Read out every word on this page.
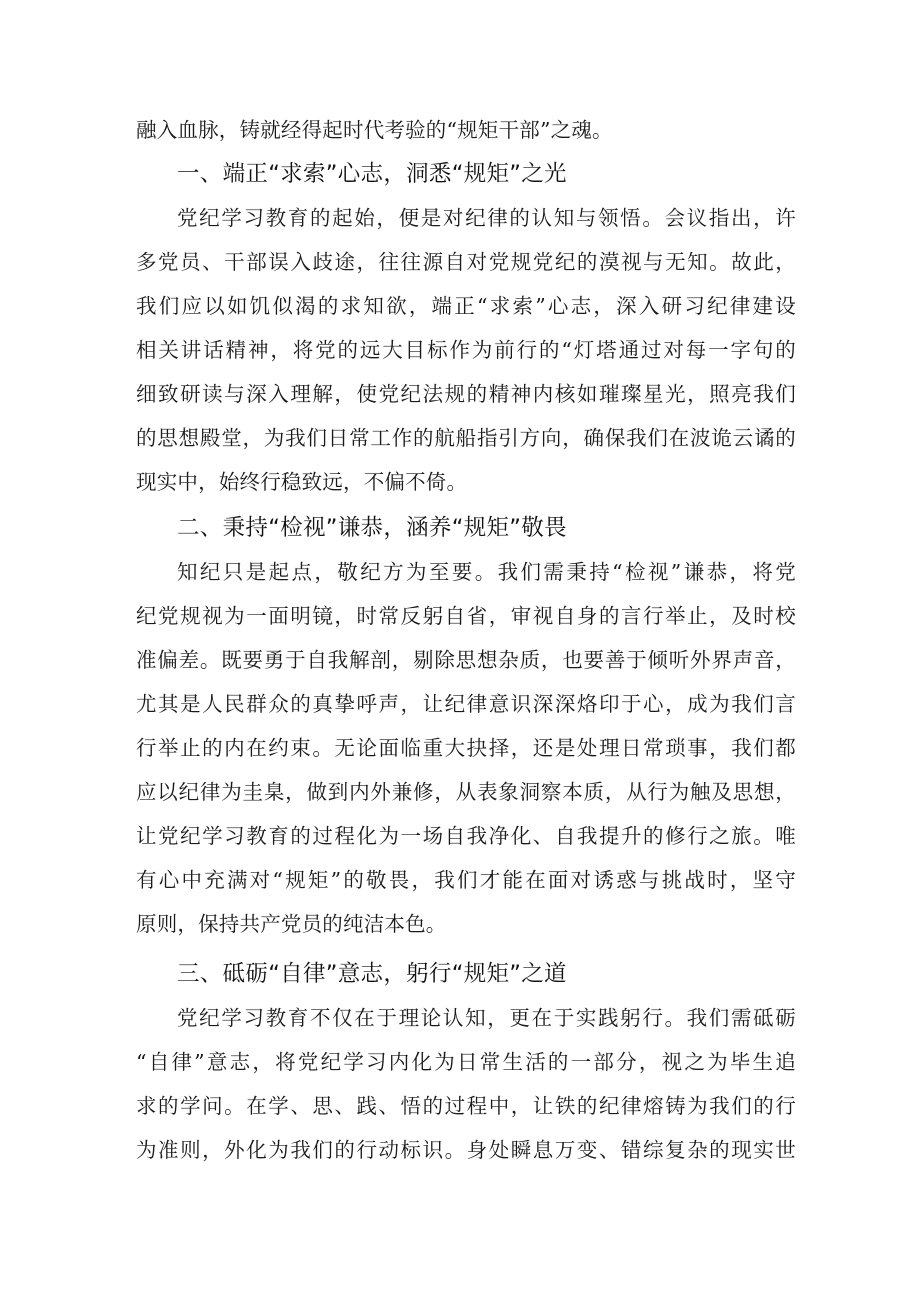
融入血脉，铸就经得起时代考验的“规矩干部”之魂。
一、端正“求索”心志，洞悉“规矩”之光
党纪学习教育的起始，便是对纪律的认知与领悟。会议指出，许
多党员、干部误入歧途，往往源自对党规党纪的漠视与无知。故此，
我们应以如饥似渴的求知欲，端正“求索”心志，深入研习纪律建设
相关讲话精神，将党的远大目标作为前行的“灯塔通过对每一字句的
细致研读与深入理解，使党纪法规的精神内核如璀璨星光，照亮我们
的思想殿堂，为我们日常工作的航船指引方向，确保我们在波诡云谲的
现实中，始终行稳致远，不偏不倚。
二、秉持“检视”谦恭，涵养“规矩”敬畏
知纪只是起点，敬纪方为至要。我们需秉持“检视”谦恭，将党
纪党规视为一面明镜，时常反躬自省，审视自身的言行举止，及时校
准偏差。既要勇于自我解剖，剔除思想杂质，也要善于倾听外界声音，
尤其是人民群众的真挚呼声，让纪律意识深深烙印于心，成为我们言
行举止的内在约束。无论面临重大抉择，还是处理日常琐事，我们都
应以纪律为圭臬，做到内外兼修，从表象洞察本质，从行为触及思想，
让党纪学习教育的过程化为一场自我净化、自我提升的修行之旅。唯
有心中充满对“规矩”的敬畏，我们才能在面对诱惑与挑战时，坚守
原则，保持共产党员的纯洁本色。
三、砥砺“自律”意志，躬行“规矩”之道
党纪学习教育不仅在于理论认知，更在于实践躬行。我们需砥砺
“自律”意志，将党纪学习内化为日常生活的一部分，视之为毕生追
求的学问。在学、思、践、悟的过程中，让铁的纪律熔铸为我们的行
为准则，外化为我们的行动标识。身处瞬息万变、错综复杂的现实世
